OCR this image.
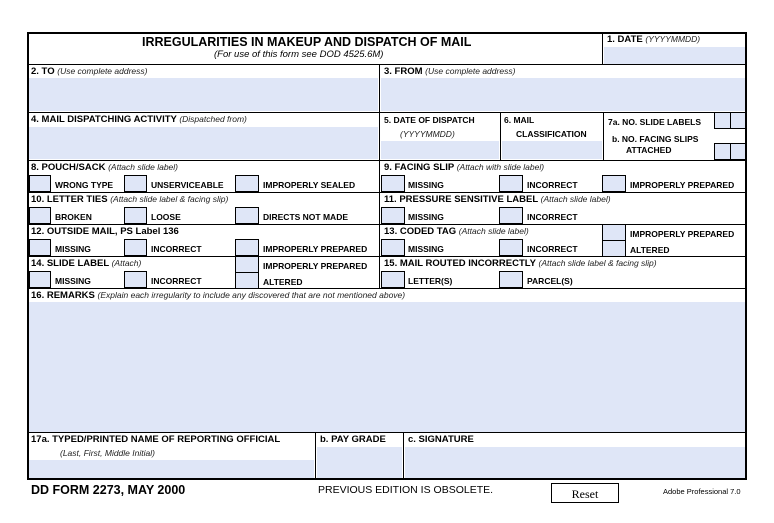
IRREGULARITIES IN MAKEUP AND DISPATCH OF MAIL
(For use of this form see DOD 4525.6M)
1. DATE (YYYYMMDD)
2. TO (Use complete address)	3. FROM (Use complete address)
4. MAIL DISPATCHING ACTIVITY (Dispatched from)	5. DATE OF DISPATCH
(YYYYMMDD)
6. MAIL
CLASSIFICATION
7a. NO. SLIDE LABELS
b. NO. FACING SLIPS
ATTACHED
8. POUCH/SACK (Attach slide label)
WRONG TYPE	UNSERVICEABLE	IMPROPERLY SEALED
9. FACING SLIP (Attach with slide label)
MISSING	INCORRECT	IMPROPERLY PREPARED
10. LETTER TIES (Attach slide label & facing slip)
BROKEN	LOOSE	DIRECTS NOT MADE
11. PRESSURE SENSITIVE LABEL (Attach slide label)
MISSING	INCORRECT
12. OUTSIDE MAIL, PS Label 136
MISSING	INCORRECT	IMPROPERLY PREPARED
13. CODED TAG (Attach slide label)
MISSING	INCORRECT
IMPROPERLY PREPARED
ALTERED
14. SLIDE LABEL (Attach)
MISSING	INCORRECT
IMPROPERLY PREPARED
ALTERED
15. MAIL ROUTED INCORRECTLY (Attach slide label & facing slip)
LETTER(S)	PARCEL(S)
16. REMARKS (Explain each irregularity to include any discovered that are not mentioned above)
17a. TYPED/PRINTED NAME OF REPORTING OFFICIAL
(Last, First, Middle Initial)
b. PAY GRADE c. SIGNATURE
DD FORM 2273, MAY 2000	PREVIOUS EDITION IS OBSOLETE.	Reset	Adobe Professional 7.0
